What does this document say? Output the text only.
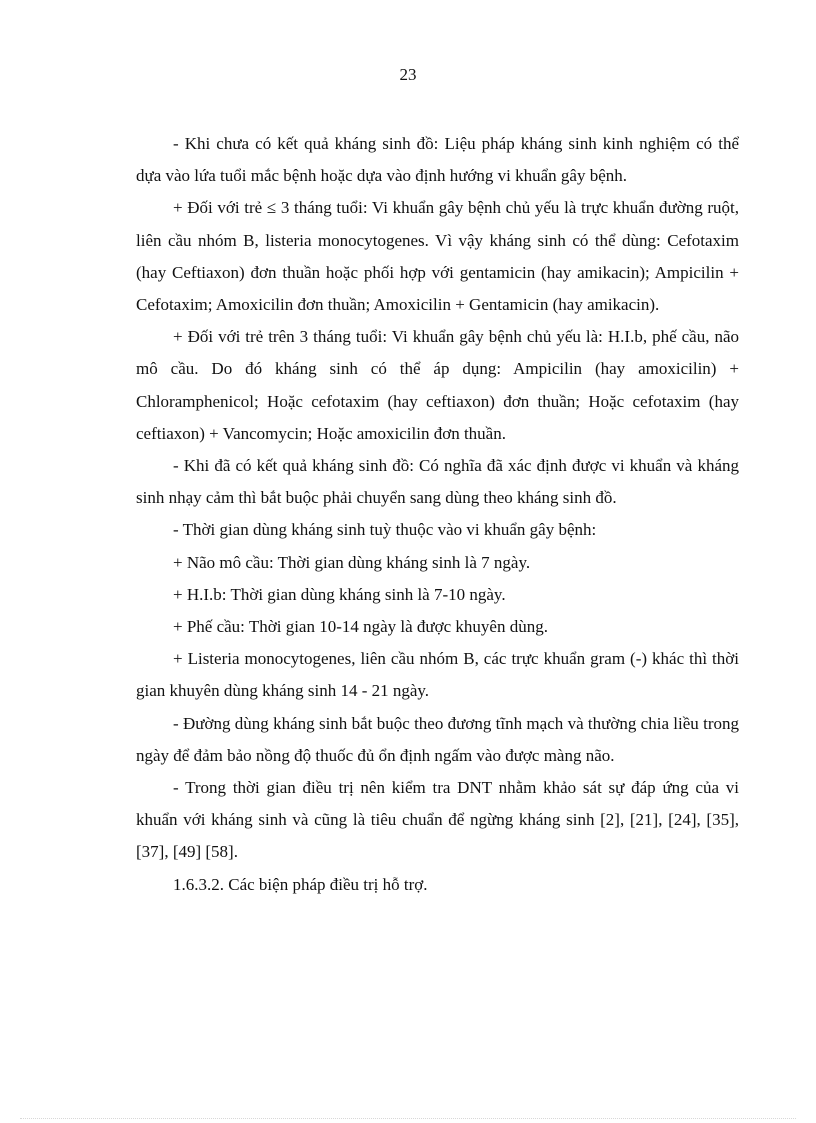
23

- Khi chưa có kết quả kháng sinh đồ: Liệu pháp kháng sinh kinh nghiệm có thể dựa vào lứa tuổi mắc bệnh hoặc dựa vào định hướng vi khuẩn gây bệnh.

+ Đối với trẻ ≤ 3 tháng tuổi: Vi khuẩn gây bệnh chủ yếu là trực khuẩn đường ruột, liên cầu nhóm B, listeria monocytogenes. Vì vậy kháng sinh có thể dùng: Cefotaxim (hay Ceftiaxon) đơn thuần hoặc phối hợp với gentamicin (hay amikacin); Ampicilin + Cefotaxim; Amoxicilin đơn thuần; Amoxicilin + Gentamicin (hay amikacin).

+ Đối với trẻ trên 3 tháng tuổi: Vi khuẩn gây bệnh chủ yếu là: H.I.b, phế cầu, não mô cầu. Do đó kháng sinh có thể áp dụng: Ampicilin (hay amoxicilin) + Chloramphenicol; Hoặc cefotaxim (hay ceftiaxon) đơn thuần; Hoặc cefotaxim (hay ceftiaxon) + Vancomycin; Hoặc amoxicilin đơn thuần.

- Khi đã có kết quả kháng sinh đồ: Có nghĩa đã xác định được vi khuẩn và kháng sinh nhạy cảm thì bắt buộc phải chuyển sang dùng theo kháng sinh đồ.

- Thời gian dùng kháng sinh tuỳ thuộc vào vi khuẩn gây bệnh:

+ Não mô cầu: Thời gian dùng kháng sinh là 7 ngày.

+ H.I.b: Thời gian dùng kháng sinh là 7-10 ngày.

+ Phế cầu: Thời gian 10-14 ngày là được khuyên dùng.

+ Listeria monocytogenes, liên cầu nhóm B, các trực khuẩn gram (-) khác thì thời gian khuyên dùng kháng sinh 14 - 21 ngày.

- Đường dùng kháng sinh bắt buộc theo đương tĩnh mạch và thường chia liều trong ngày để đảm bảo nồng độ thuốc đủ ổn định ngấm vào được màng não.

- Trong thời gian điều trị nên kiểm tra DNT nhằm khảo sát sự đáp ứng của vi khuẩn với kháng sinh và cũng là tiêu chuẩn để ngừng kháng sinh [2], [21], [24], [35], [37], [49] [58].

1.6.3.2. Các biện pháp điều trị hỗ trợ.
